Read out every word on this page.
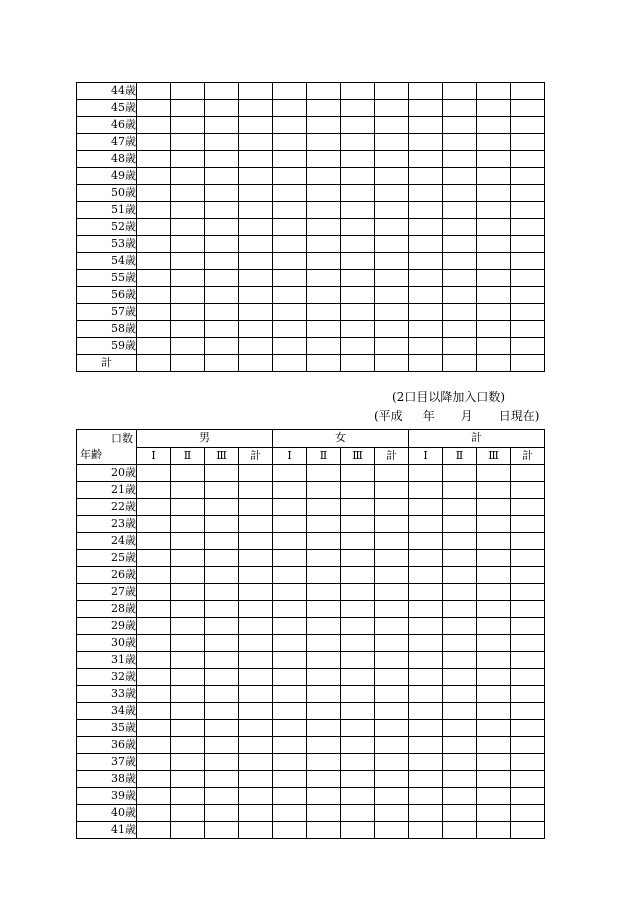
44歳												
45歳												
46歳												
47歳												
48歳												
49歳												
50歳												
51歳												
52歳												
53歳												
54歳												
55歳												
56歳												
57歳												
58歳												
59歳												
計												
(2口目以降加入口数)
(平成 年 月 日現在)
口数
年齢	男				女				計			
	Ⅰ	Ⅱ	Ⅲ	計	Ⅰ	Ⅱ	Ⅲ	計	Ⅰ	Ⅱ	Ⅲ	計
20歳												
21歳												
22歳												
23歳												
24歳												
25歳												
26歳												
27歳												
28歳												
29歳												
30歳												
31歳												
32歳												
33歳												
34歳												
35歳												
36歳												
37歳												
38歳												
39歳												
40歳												
41歳												
